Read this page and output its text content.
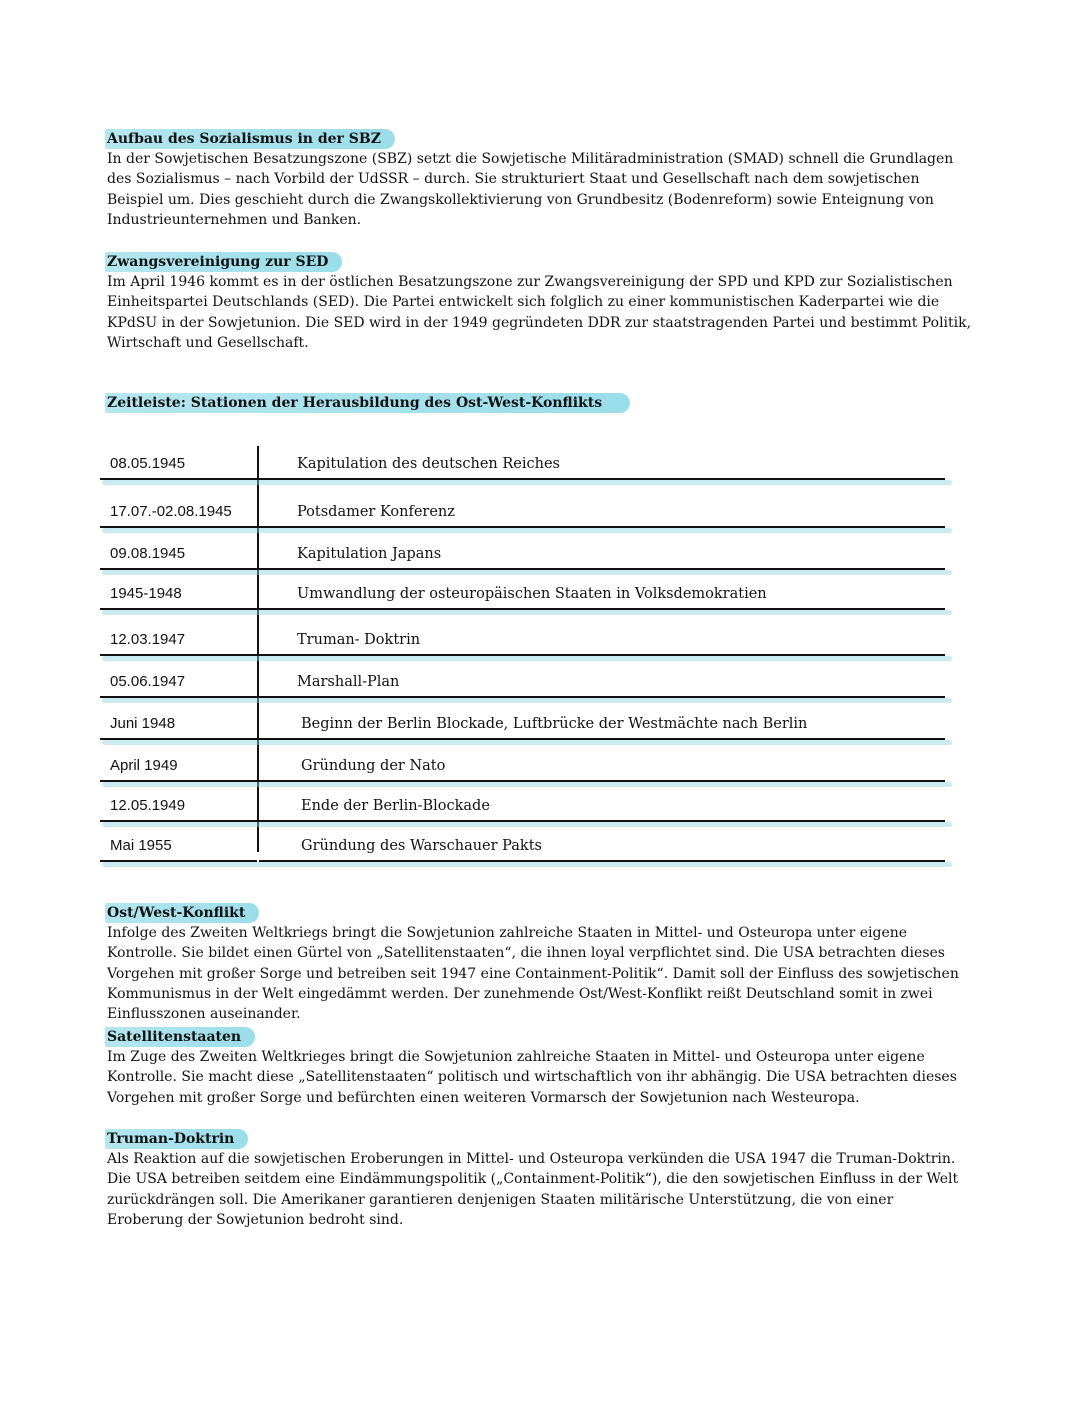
Aufbau des Sozialismus in der SBZ

In der Sowjetischen Besatzungszone (SBZ) setzt die Sowjetische Militäradministration (SMAD) schnell die Grundlagen des Sozialismus – nach Vorbild der UdSSR – durch. Sie strukturiert Staat und Gesellschaft nach dem sowjetischen Beispiel um. Dies geschieht durch die Zwangskollektivierung von Grundbesitz (Bodenreform) sowie Enteignung von Industrieunternehmen und Banken.

Zwangsvereinigung zur SED

Im April 1946 kommt es in der östlichen Besatzungszone zur Zwangsvereinigung der SPD und KPD zur Sozialistischen Einheitspartei Deutschlands (SED). Die Partei entwickelt sich folglich zu einer kommunistischen Kaderpartei wie die KPdSU in der Sowjetunion. Die SED wird in der 1949 gegründeten DDR zur staatstragenden Partei und bestimmt Politik, Wirtschaft und Gesellschaft.

Zeitleiste: Stationen der Herausbildung des Ost-West-Konflikts
08.05.1945	Kapitulation des deutschen Reiches
17.07.-02.08.1945	Potsdamer Konferenz
09.08.1945	Kapitulation Japans
1945-1948	Umwandlung der osteuropäischen Staaten in Volksdemokratien
12.03.1947	Truman- Doktrin
05.06.1947	Marshall-Plan
Juni 1948	Beginn der Berlin Blockade, Luftbrücke der Westmächte nach Berlin
April 1949	Gründung der Nato
12.05.1949	Ende der Berlin-Blockade
Mai 1955	Gründung des Warschauer Pakts
Ost/West-Konflikt

Infolge des Zweiten Weltkriegs bringt die Sowjetunion zahlreiche Staaten in Mittel- und Osteuropa unter eigene Kontrolle. Sie bildet einen Gürtel von „Satellitenstaaten“, die ihnen loyal verpflichtet sind. Die USA betrachten dieses Vorgehen mit großer Sorge und betreiben seit 1947 eine Containment-Politik“. Damit soll der Einfluss des sowjetischen Kommunismus in der Welt eingedämmt werden. Der zunehmende Ost/West-Konflikt reißt Deutschland somit in zwei Einflusszonen auseinander.

Satellitenstaaten

Im Zuge des Zweiten Weltkrieges bringt die Sowjetunion zahlreiche Staaten in Mittel- und Osteuropa unter eigene Kontrolle. Sie macht diese „Satellitenstaaten“ politisch und wirtschaftlich von ihr abhängig. Die USA betrachten dieses Vorgehen mit großer Sorge und befürchten einen weiteren Vormarsch der Sowjetunion nach Westeuropa.

Truman-Doktrin

Als Reaktion auf die sowjetischen Eroberungen in Mittel- und Osteuropa verkünden die USA 1947 die Truman-Doktrin. Die USA betreiben seitdem eine Eindämmungspolitik („Containment-Politik“), die den sowjetischen Einfluss in der Welt zurückdrängen soll. Die Amerikaner garantieren denjenigen Staaten militärische Unterstützung, die von einer Eroberung der Sowjetunion bedroht sind.
